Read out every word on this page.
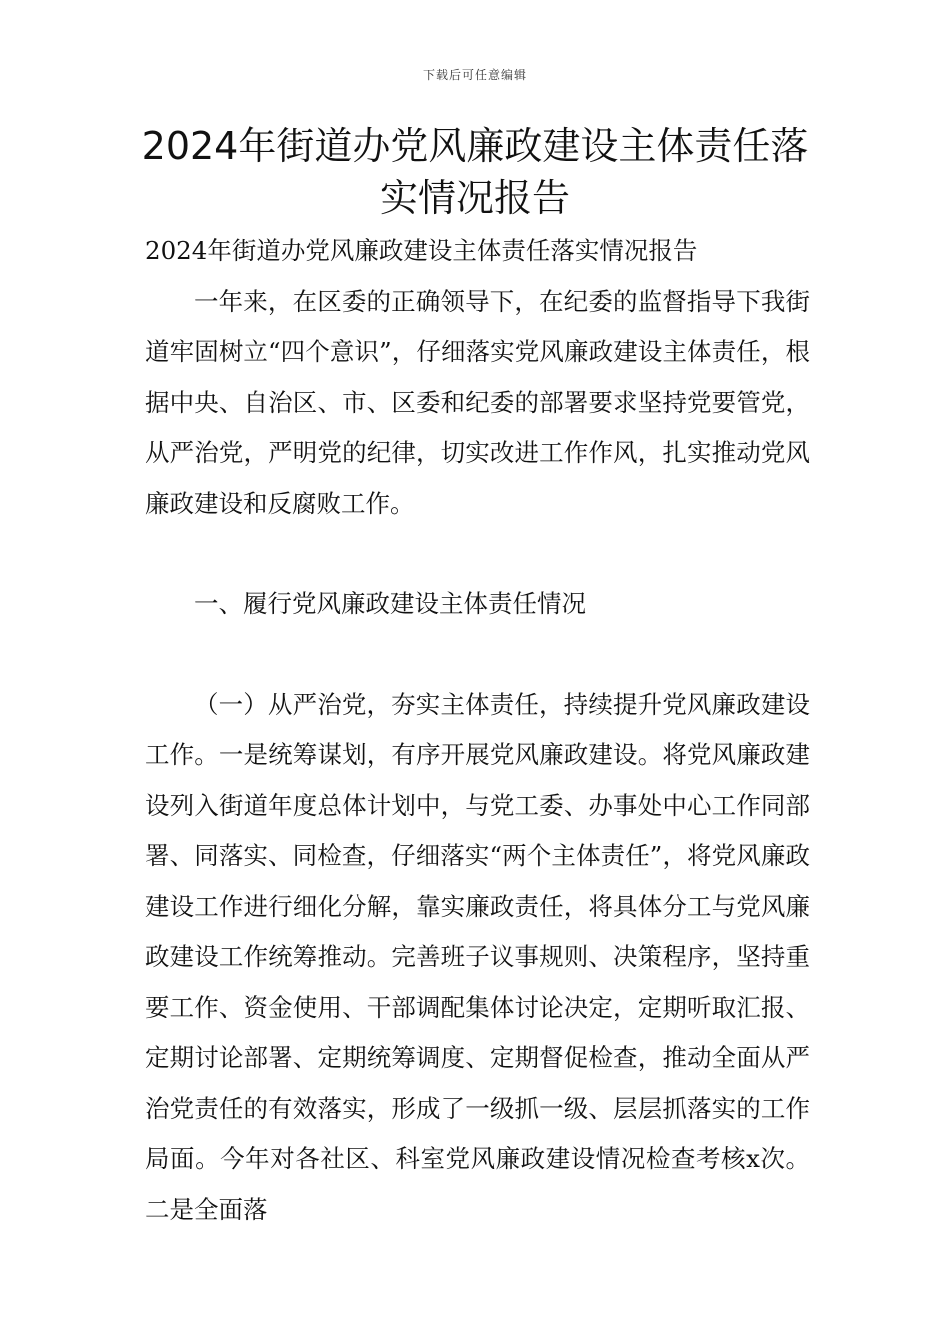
下载后可任意编辑
2024年街道办党风廉政建设主体责任落实情况报告

2024年街道办党风廉政建设主体责任落实情况报告

一年来，在区委的正确领导下，在纪委的监督指导下我街道牢固树立“四个意识”，仔细落实党风廉政建设主体责任，根据中央、自治区、市、区委和纪委的部署要求坚持党要管党，从严治党，严明党的纪律，切实改进工作作风，扎实推动党风廉政建设和反腐败工作。

一、履行党风廉政建设主体责任情况

（一）从严治党，夯实主体责任，持续提升党风廉政建设工作。一是统筹谋划，有序开展党风廉政建设。将党风廉政建设列入街道年度总体计划中，与党工委、办事处中心工作同部署、同落实、同检查，仔细落实“两个主体责任”，将党风廉政建设工作进行细化分解，靠实廉政责任，将具体分工与党风廉政建设工作统筹推动。完善班子议事规则、决策程序，坚持重要工作、资金使用、干部调配集体讨论决定，定期听取汇报、定期讨论部署、定期统筹调度、定期督促检查，推动全面从严治党责任的有效落实，形成了一级抓一级、层层抓落实的工作局面。今年对各社区、科室党风廉政建设情况检查考核x次。二是全面落
